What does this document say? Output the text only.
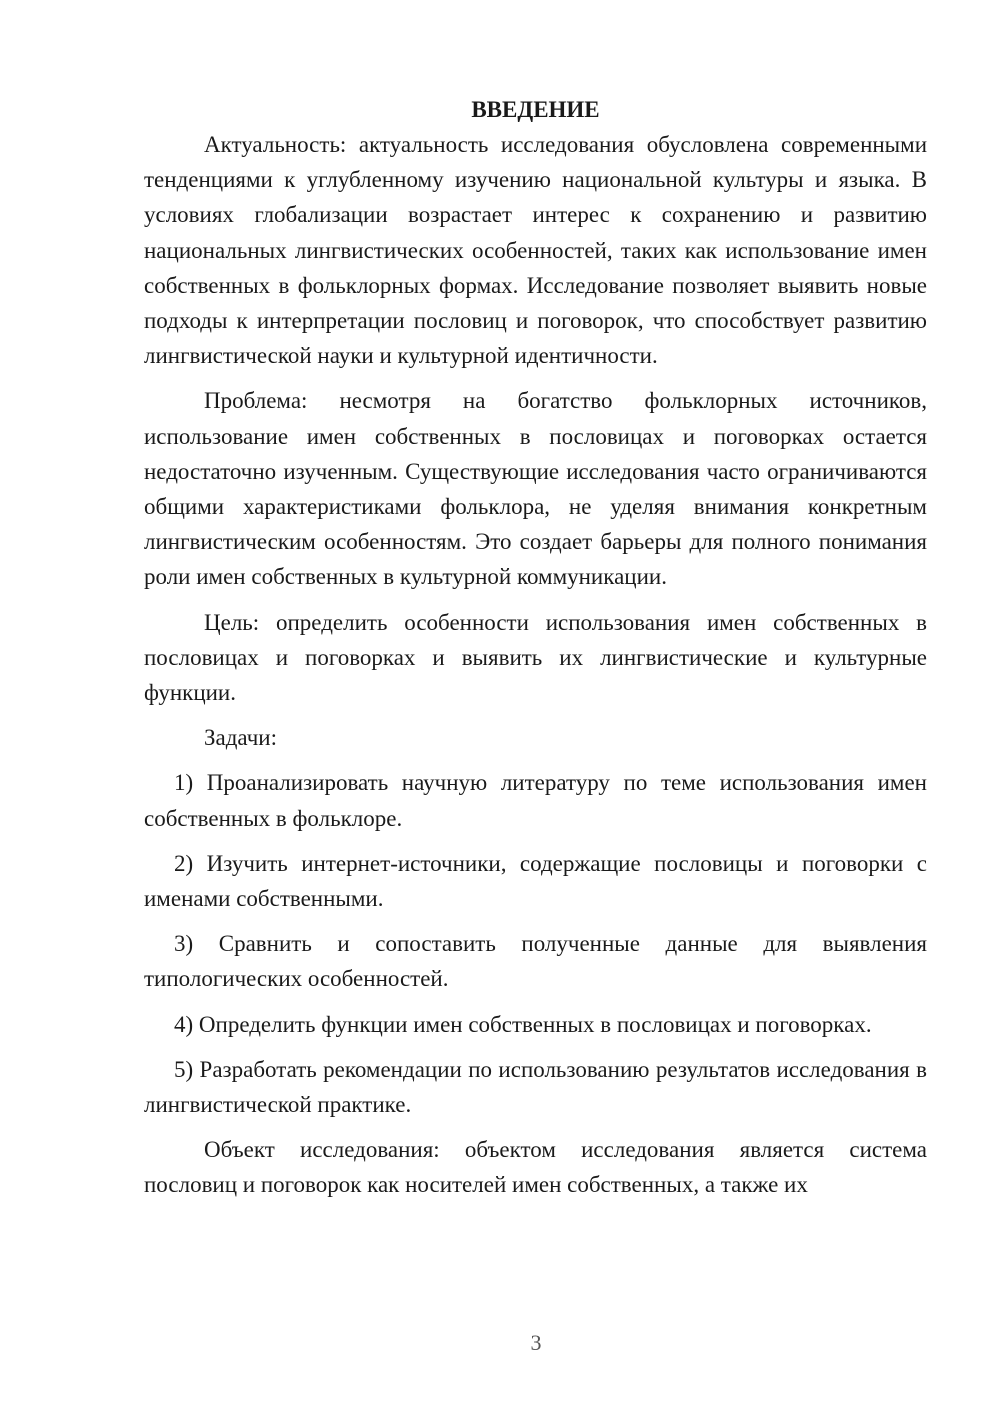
ВВЕДЕНИЕ

Актуальность: актуальность исследования обусловлена современными тенденциями к углубленному изучению национальной культуры и языка. В условиях глобализации возрастает интерес к сохранению и развитию национальных лингвистических особенностей, таких как использование имен собственных в фольклорных формах. Исследование позволяет выявить новые подходы к интерпретации пословиц и поговорок, что способствует развитию лингвистической науки и культурной идентичности.

Проблема: несмотря на богатство фольклорных источников, использование имен собственных в пословицах и поговорках остается недостаточно изученным. Существующие исследования часто ограничиваются общими характеристиками фольклора, не уделяя внимания конкретным лингвистическим особенностям. Это создает барьеры для полного понимания роли имен собственных в культурной коммуникации.

Цель: определить особенности использования имен собственных в пословицах и поговорках и выявить их лингвистические и культурные функции.

Задачи:

1) Проанализировать научную литературу по теме использования имен собственных в фольклоре.

2) Изучить интернет-источники, содержащие пословицы и поговорки с именами собственными.

3) Сравнить и сопоставить полученные данные для выявления типологических особенностей.

4) Определить функции имен собственных в пословицах и поговорках.

5) Разработать рекомендации по использованию результатов исследования в лингвистической практике.

Объект исследования: объектом исследования является система пословиц и поговорок как носителей имен собственных, а также их

3
